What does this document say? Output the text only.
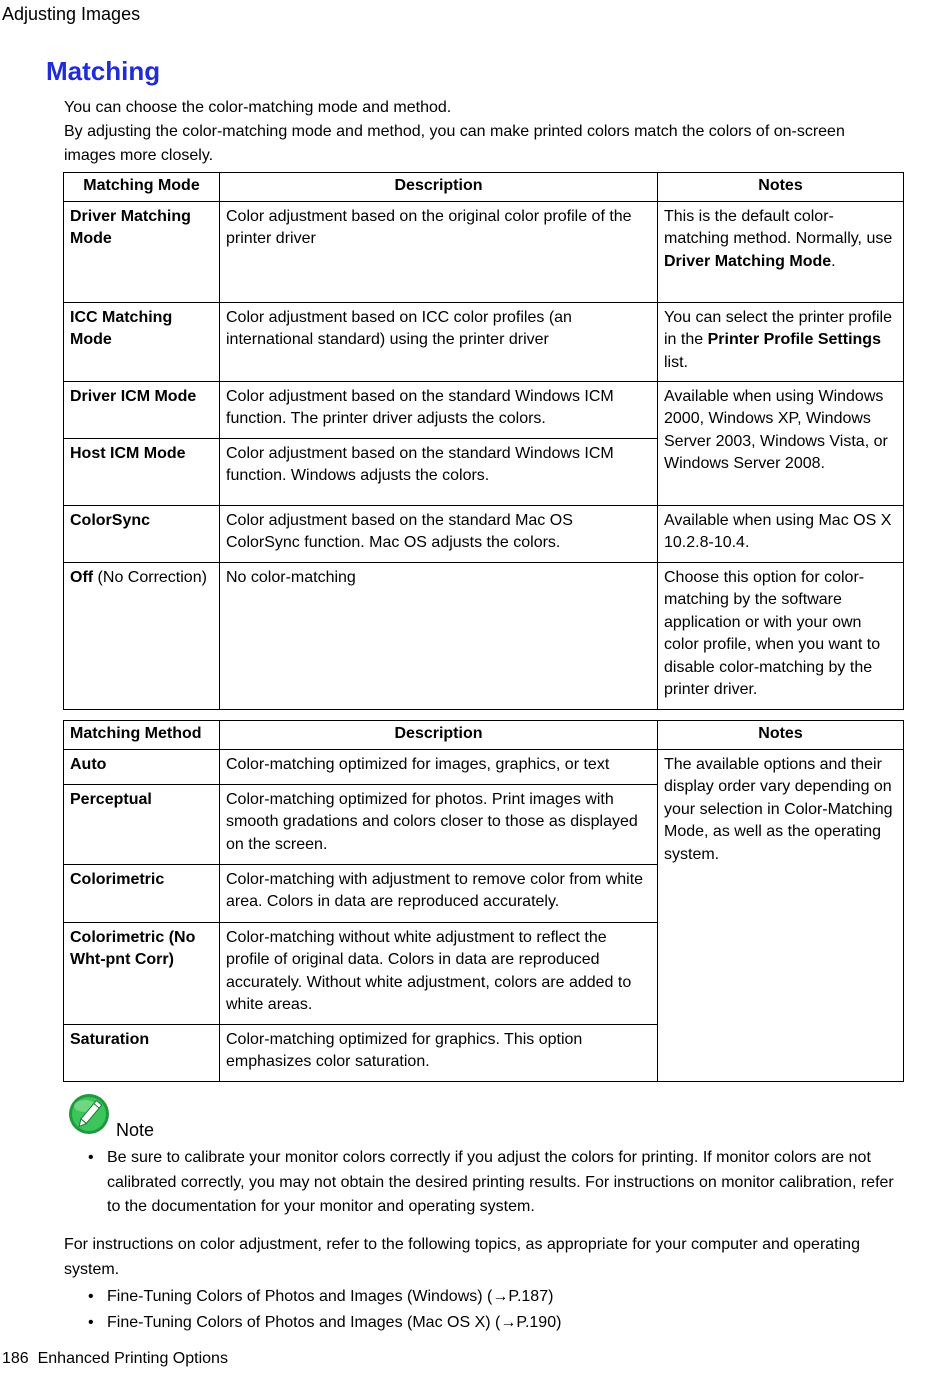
Adjusting Images
Matching

You can choose the color-matching mode and method.

By adjusting the color-matching mode and method, you can make printed colors match the colors of on-screen images more closely.

Matching Mode	Description	Notes
Driver Matching Mode	Color adjustment based on the original color profile of the printer driver	This is the default color-matching method. Normally, use Driver Matching Mode.
ICC Matching Mode	Color adjustment based on ICC color profiles (an international standard) using the printer driver	You can select the printer profile in the Printer Profile Settings list.
Driver ICM Mode	Color adjustment based on the standard Windows ICM function. The printer driver adjusts the colors.	Available when using Windows 2000, Windows XP, Windows Server 2003, Windows Vista, or Windows Server 2008.
Host ICM Mode	Color adjustment based on the standard Windows ICM function. Windows adjusts the colors.	
ColorSync	Color adjustment based on the standard Mac OS ColorSync function. Mac OS adjusts the colors.	Available when using Mac OS X 10.2.8-10.4.
Off (No Correction)	No color-matching	Choose this option for color-matching by the software application or with your own color profile, when you want to disable color-matching by the printer driver.
Matching Method	Description	Notes
Auto	Color-matching optimized for images, graphics, or text	The available options and their display order vary depending on your selection in Color-Matching Mode, as well as the operating system.
Perceptual	Color-matching optimized for photos. Print images with smooth gradations and colors closer to those as displayed on the screen.	
Colorimetric	Color-matching with adjustment to remove color from white area. Colors in data are reproduced accurately.	
Colorimetric (No Wht-pnt Corr)	Color-matching without white adjustment to reflect the profile of original data. Colors in data are reproduced accurately. Without white adjustment, colors are added to white areas.	
Saturation	Color-matching optimized for graphics. This option emphasizes color saturation.	
Note
• Be sure to calibrate your monitor colors correctly if you adjust the colors for printing. If monitor colors are not calibrated correctly, you may not obtain the desired printing results. For instructions on monitor calibration, refer to the documentation for your monitor and operating system.
For instructions on color adjustment, refer to the following topics, as appropriate for your computer and operating system.
• Fine-Tuning Colors of Photos and Images (Windows) (→P.187)
• Fine-Tuning Colors of Photos and Images (Mac OS X) (→P.190)
186 Enhanced Printing Options
